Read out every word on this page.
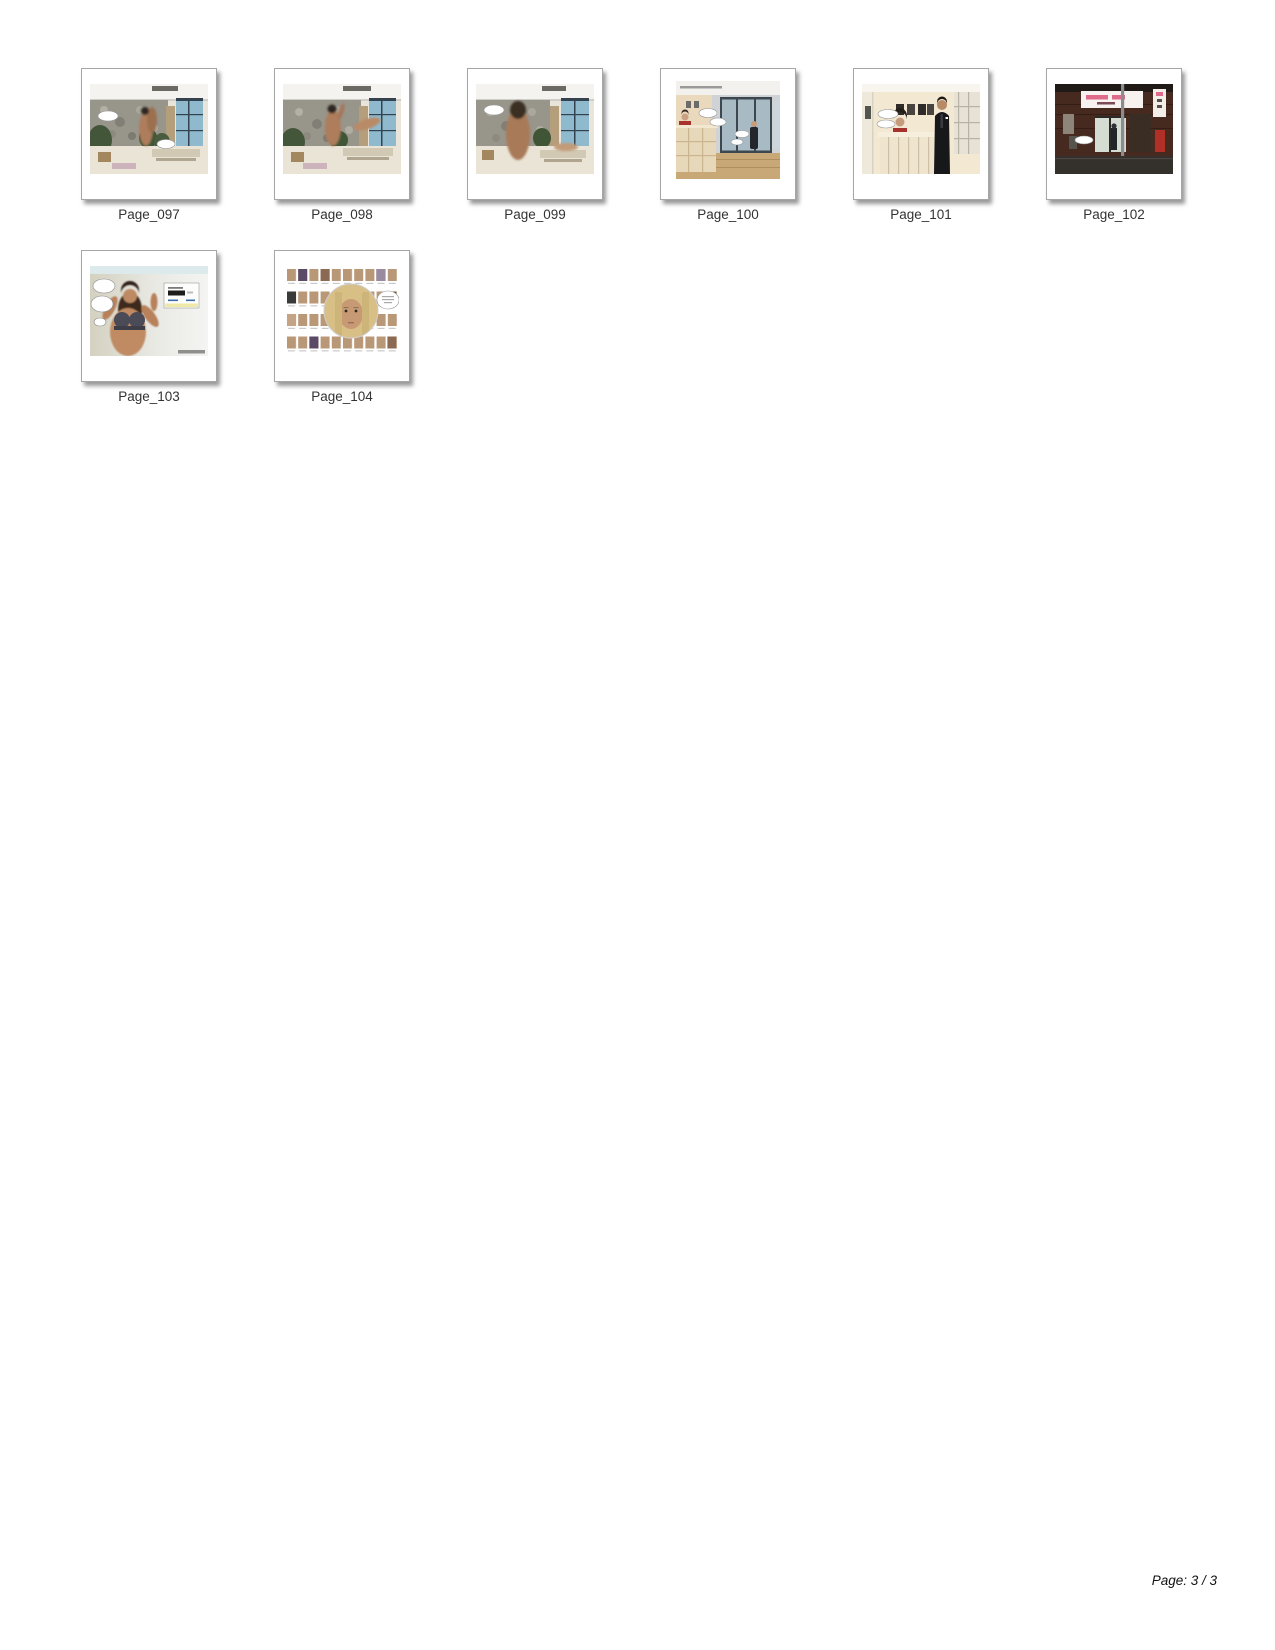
Page_097	Page_098	Page_099	Page_100	Page_101	Page_102
Page_103	Page_104
Page: 3 / 3
